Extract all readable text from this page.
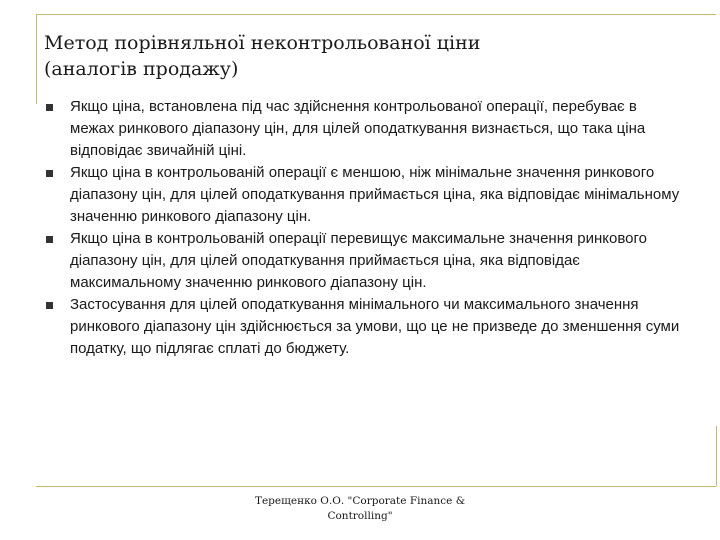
Метод порівняльної неконтрольованої ціни
(аналогів продажу)
Якщо ціна, встановлена під час здійснення контрольованої операції, перебуває в межах ринкового діапазону цін, для цілей оподаткування визнається, що така ціна відповідає звичайній ціні.
Якщо ціна в контрольованій операції є меншою, ніж мінімальне значення ринкового діапазону цін, для цілей оподаткування приймається ціна, яка відповідає мінімальному значенню ринкового діапазону цін.
Якщо ціна в контрольованій операції перевищує максимальне значення ринкового діапазону цін, для цілей оподаткування приймається ціна, яка відповідає максимальному значенню ринкового діапазону цін.
Застосування для цілей оподаткування мінімального чи максимального значення ринкового діапазону цін здійснюється за умови, що це не призведе до зменшення суми податку, що підлягає сплаті до бюджету.
Терещенко О.О. "Corporate Finance &
Controlling"
